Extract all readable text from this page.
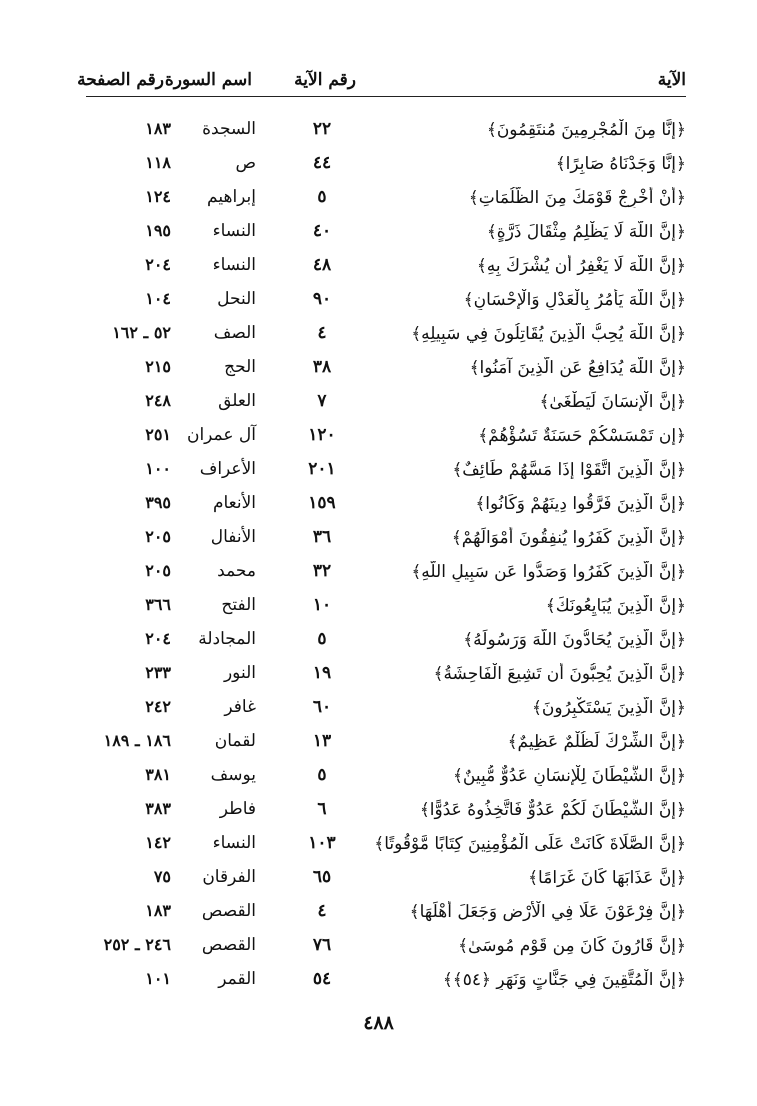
الآية
رقم الآية
اسم السورة
رقم الصفحة
﴿إِنَّا مِنَ الْمُجْرِمِينَ مُنتَقِمُونَ﴾
٢٢
السجدة
١٨٣
﴿إِنَّا وَجَدْنَاهُ صَابِرًا﴾
٤٤
ص
١١٨
﴿أَنْ أَخْرِجْ قَوْمَكَ مِنَ الظُّلُمَاتِ﴾
٥
إبراهيم
١٢٤
﴿إِنَّ اللَّهَ لَا يَظْلِمُ مِثْقَالَ ذَرَّةٍ﴾
٤٠
النساء
١٩٥
﴿إِنَّ اللَّهَ لَا يَغْفِرُ أَن يُشْرَكَ بِهِ﴾
٤٨
النساء
٢٠٤
﴿إِنَّ اللَّهَ يَأْمُرُ بِالْعَدْلِ وَالْإِحْسَانِ﴾
٩٠
النحل
١٠٤
﴿إِنَّ اللَّهَ يُحِبُّ الَّذِينَ يُقَاتِلُونَ فِي سَبِيلِهِ﴾
٤
الصف
٥٢ ـ ١٦٢
﴿إِنَّ اللَّهَ يُدَافِعُ عَنِ الَّذِينَ آمَنُوا﴾
٣٨
الحج
٢١٥
﴿إِنَّ الْإِنسَانَ لَيَطْغَىٰ﴾
٧
العلق
٢٤٨
﴿إِن تَمْسَسْكُمْ حَسَنَةٌ تَسُؤْهُمْ﴾
١٢٠
آل عمران
٢٥١
﴿إِنَّ الَّذِينَ اتَّقَوْا إِذَا مَسَّهُمْ طَائِفٌ﴾
٢٠١
الأعراف
١٠٠
﴿إِنَّ الَّذِينَ فَرَّقُوا دِينَهُمْ وَكَانُوا﴾
١٥٩
الأنعام
٣٩٥
﴿إِنَّ الَّذِينَ كَفَرُوا يُنفِقُونَ أَمْوَالَهُمْ﴾
٣٦
الأنفال
٢٠٥
﴿إِنَّ الَّذِينَ كَفَرُوا وَصَدُّوا عَن سَبِيلِ اللَّهِ﴾
٣٢
محمد
٢٠٥
﴿إِنَّ الَّذِينَ يُبَايِعُونَكَ﴾
١٠
الفتح
٣٦٦
﴿إِنَّ الَّذِينَ يُحَادُّونَ اللَّهَ وَرَسُولَهُ﴾
٥
المجادلة
٢٠٤
﴿إِنَّ الَّذِينَ يُحِبُّونَ أَن تَشِيعَ الْفَاحِشَةُ﴾
١٩
النور
٢٣٣
﴿إِنَّ الَّذِينَ يَسْتَكْبِرُونَ﴾
٦٠
غافر
٢٤٢
﴿إِنَّ الشِّرْكَ لَظُلْمٌ عَظِيمٌ﴾
١٣
لقمان
١٨٦ ـ ١٨٩
﴿إِنَّ الشَّيْطَانَ لِلْإِنسَانِ عَدُوٌّ مُّبِينٌ﴾
٥
يوسف
٣٨١
﴿إِنَّ الشَّيْطَانَ لَكُمْ عَدُوٌّ فَاتَّخِذُوهُ عَدُوًّا﴾
٦
فاطر
٣٨٣
﴿إِنَّ الصَّلَاةَ كَانَتْ عَلَى الْمُؤْمِنِينَ كِتَابًا مَّوْقُوتًا﴾
١٠٣
النساء
١٤٢
﴿إِنَّ عَذَابَهَا كَانَ غَرَامًا﴾
٦٥
الفرقان
٧٥
﴿إِنَّ فِرْعَوْنَ عَلَا فِي الْأَرْضِ وَجَعَلَ أَهْلَهَا﴾
٤
القصص
١٨٣
﴿إِنَّ قَارُونَ كَانَ مِن قَوْمِ مُوسَىٰ﴾
٧٦
القصص
٢٤٦ ـ ٢٥٢
﴿إِنَّ الْمُتَّقِينَ فِي جَنَّاتٍ وَنَهَرٍ ﴿٥٤﴾﴾
٥٤
القمر
١٠١
٤٨٨
